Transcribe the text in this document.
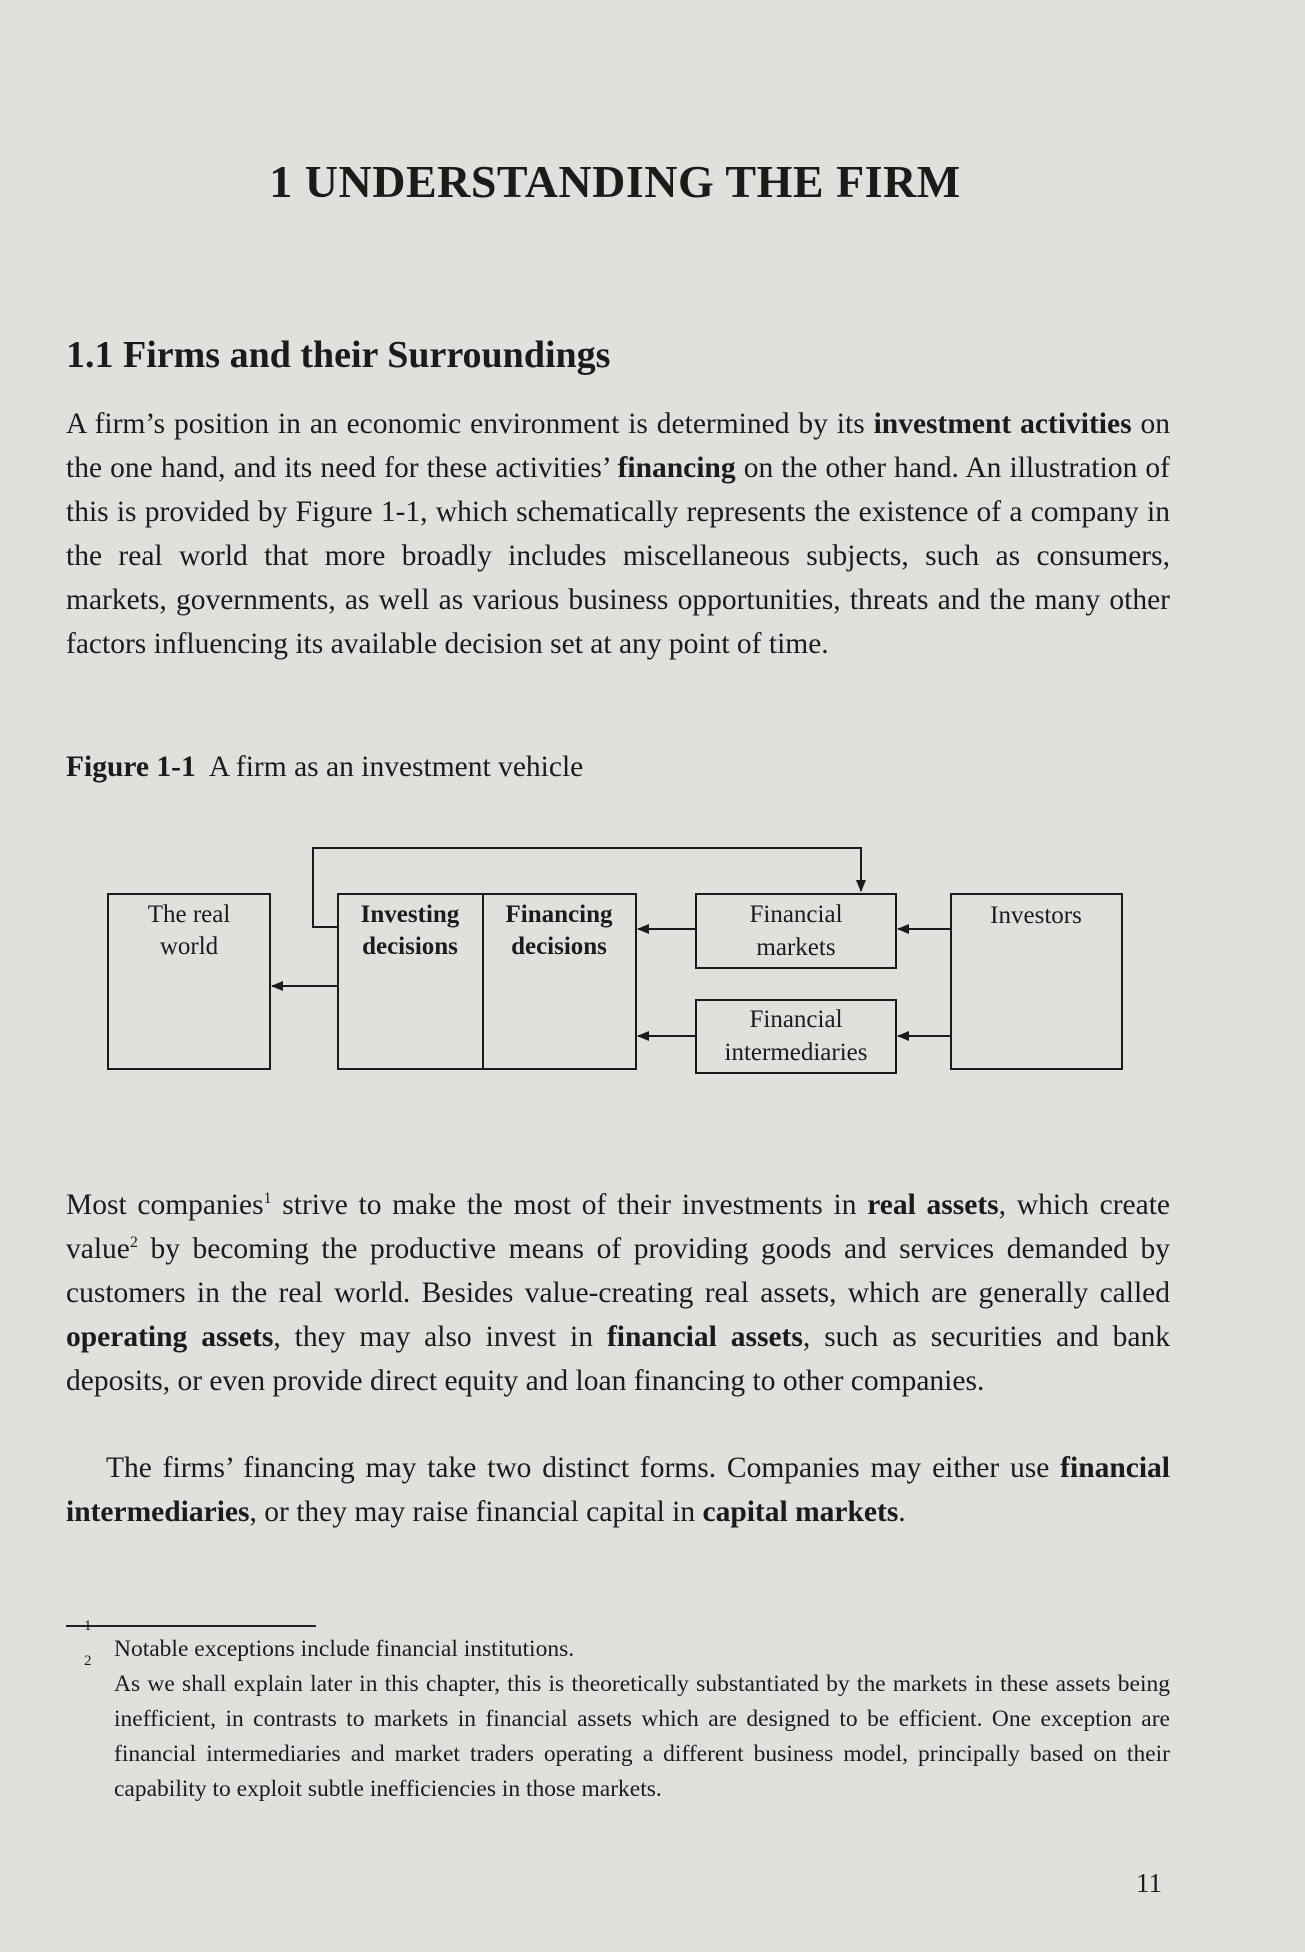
1 UNDERSTANDING THE FIRM
1.1 Firms and their Surroundings

A firm’s position in an economic environment is determined by its investment activities on the one hand, and its need for these activities’ financing on the other hand. An illustration of this is provided by Figure 1-1, which schematically represents the existence of a company in the real world that more broadly includes miscellaneous subjects, such as consumers, markets, governments, as well as various business opportunities, threats and the many other factors influencing its available decision set at any point of time.

Figure 1-1 A firm as an investment vehicle

The real
world
Investing
decisions
Financing
decisions
Financial
markets
Financial
intermediaries
Investors

Most companies$^1$ strive to make the most of their investments in real assets, which create value$^2$ by becoming the productive means of providing goods and services demanded by customers in the real world. Besides value-creating real assets, which are generally called operating assets, they may also invest in financial assets, such as securities and bank deposits, or even provide direct equity and loan financing to other companies.

The firms’ financing may take two distinct forms. Companies may either use financial intermediaries, or they may raise financial capital in capital markets.

Notable exceptions include financial institutions.
2
As we shall explain later in this chapter, this is theoretically substantiated by the markets in these assets being inefficient, in contrasts to markets in financial assets which are designed to be efficient. One exception are financial intermediaries and market traders operating a different business model, principally based on their capability to exploit subtle inefficiencies in those markets.

11
